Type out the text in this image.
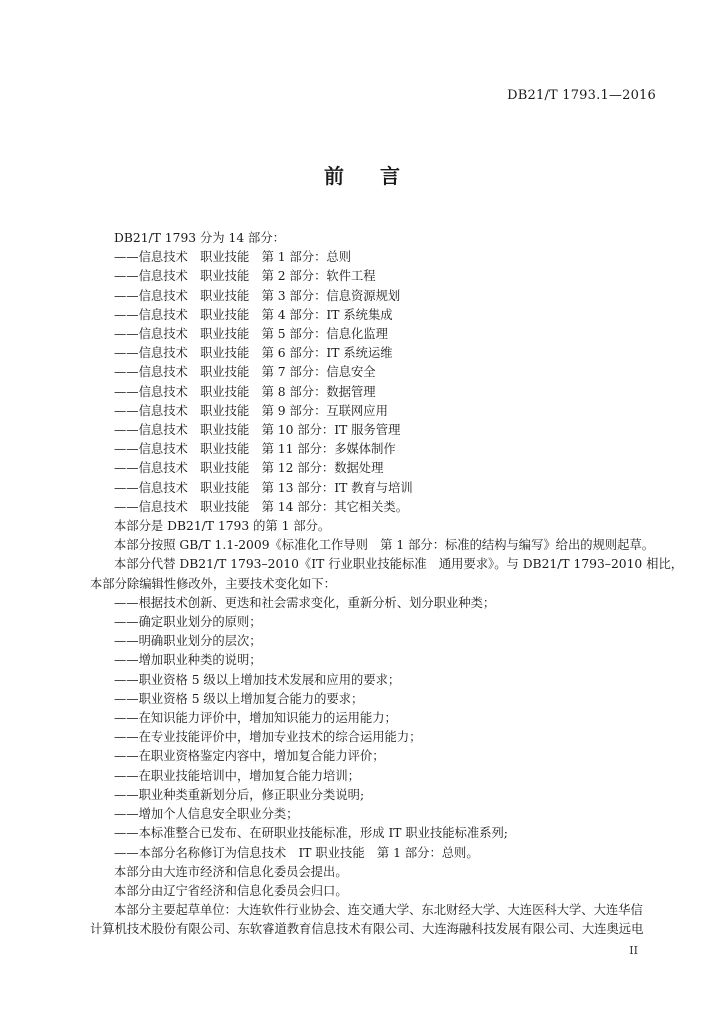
DB21/T 1793.1—2016
前言
DB21/T 1793 分为 14 部分：
——信息技术　职业技能　第 1 部分：总则
——信息技术　职业技能　第 2 部分：软件工程
——信息技术　职业技能　第 3 部分：信息资源规划
——信息技术　职业技能　第 4 部分：IT 系统集成
——信息技术　职业技能　第 5 部分：信息化监理
——信息技术　职业技能　第 6 部分：IT 系统运维
——信息技术　职业技能　第 7 部分：信息安全
——信息技术　职业技能　第 8 部分：数据管理
——信息技术　职业技能　第 9 部分：互联网应用
——信息技术　职业技能　第 10 部分：IT 服务管理
——信息技术　职业技能　第 11 部分：多媒体制作
——信息技术　职业技能　第 12 部分：数据处理
——信息技术　职业技能　第 13 部分：IT 教育与培训
——信息技术　职业技能　第 14 部分：其它相关类。
本部分是 DB21/T 1793 的第 1 部分。
本部分按照 GB/T 1.1-2009《标准化工作导则　第 1 部分：标准的结构与编写》给出的规则起草。
本部分代替 DB21/T 1793–2010《IT 行业职业技能标准　通用要求》。与 DB21/T 1793–2010 相比，
本部分除编辑性修改外，主要技术变化如下：
——根据技术创新、更迭和社会需求变化，重新分析、划分职业种类；
——确定职业划分的原则；
——明确职业划分的层次；
——增加职业种类的说明；
——职业资格 5 级以上增加技术发展和应用的要求；
——职业资格 5 级以上增加复合能力的要求；
——在知识能力评价中，增加知识能力的运用能力；
——在专业技能评价中，增加专业技术的综合运用能力；
——在职业资格鉴定内容中，增加复合能力评价；
——在职业技能培训中，增加复合能力培训；
——职业种类重新划分后，修正职业分类说明;
——增加个人信息安全职业分类；
——本标准整合已发布、在研职业技能标准，形成 IT 职业技能标准系列;
——本部分名称修订为信息技术　IT 职业技能　第 1 部分：总则。
本部分由大连市经济和信息化委员会提出。
本部分由辽宁省经济和信息化委员会归口。
本部分主要起草单位：大连软件行业协会、连交通大学、东北财经大学、大连医科大学、大连华信
计算机技术股份有限公司、东软睿道教育信息技术有限公司、大连海融科技发展有限公司、大连奥远电
II
